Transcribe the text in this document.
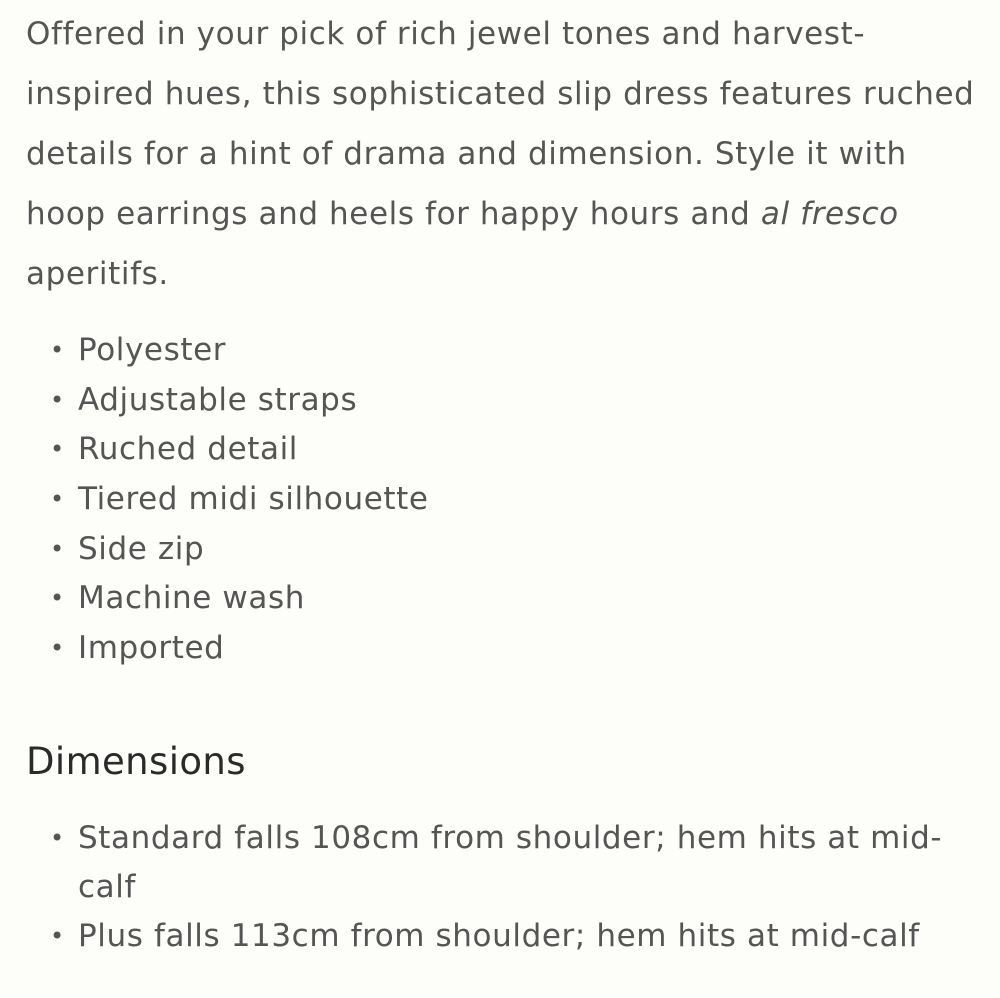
Offered in your pick of rich jewel tones and harvest-inspired hues, this sophisticated slip dress features ruched details for a hint of drama and dimension. Style it with hoop earrings and heels for happy hours and al fresco aperitifs.

• Polyester
• Adjustable straps
• Ruched detail
• Tiered midi silhouette
• Side zip
• Machine wash
• Imported
Dimensions
• Standard falls 108cm from shoulder; hem hits at mid-calf
• Plus falls 113cm from shoulder; hem hits at mid-calf
